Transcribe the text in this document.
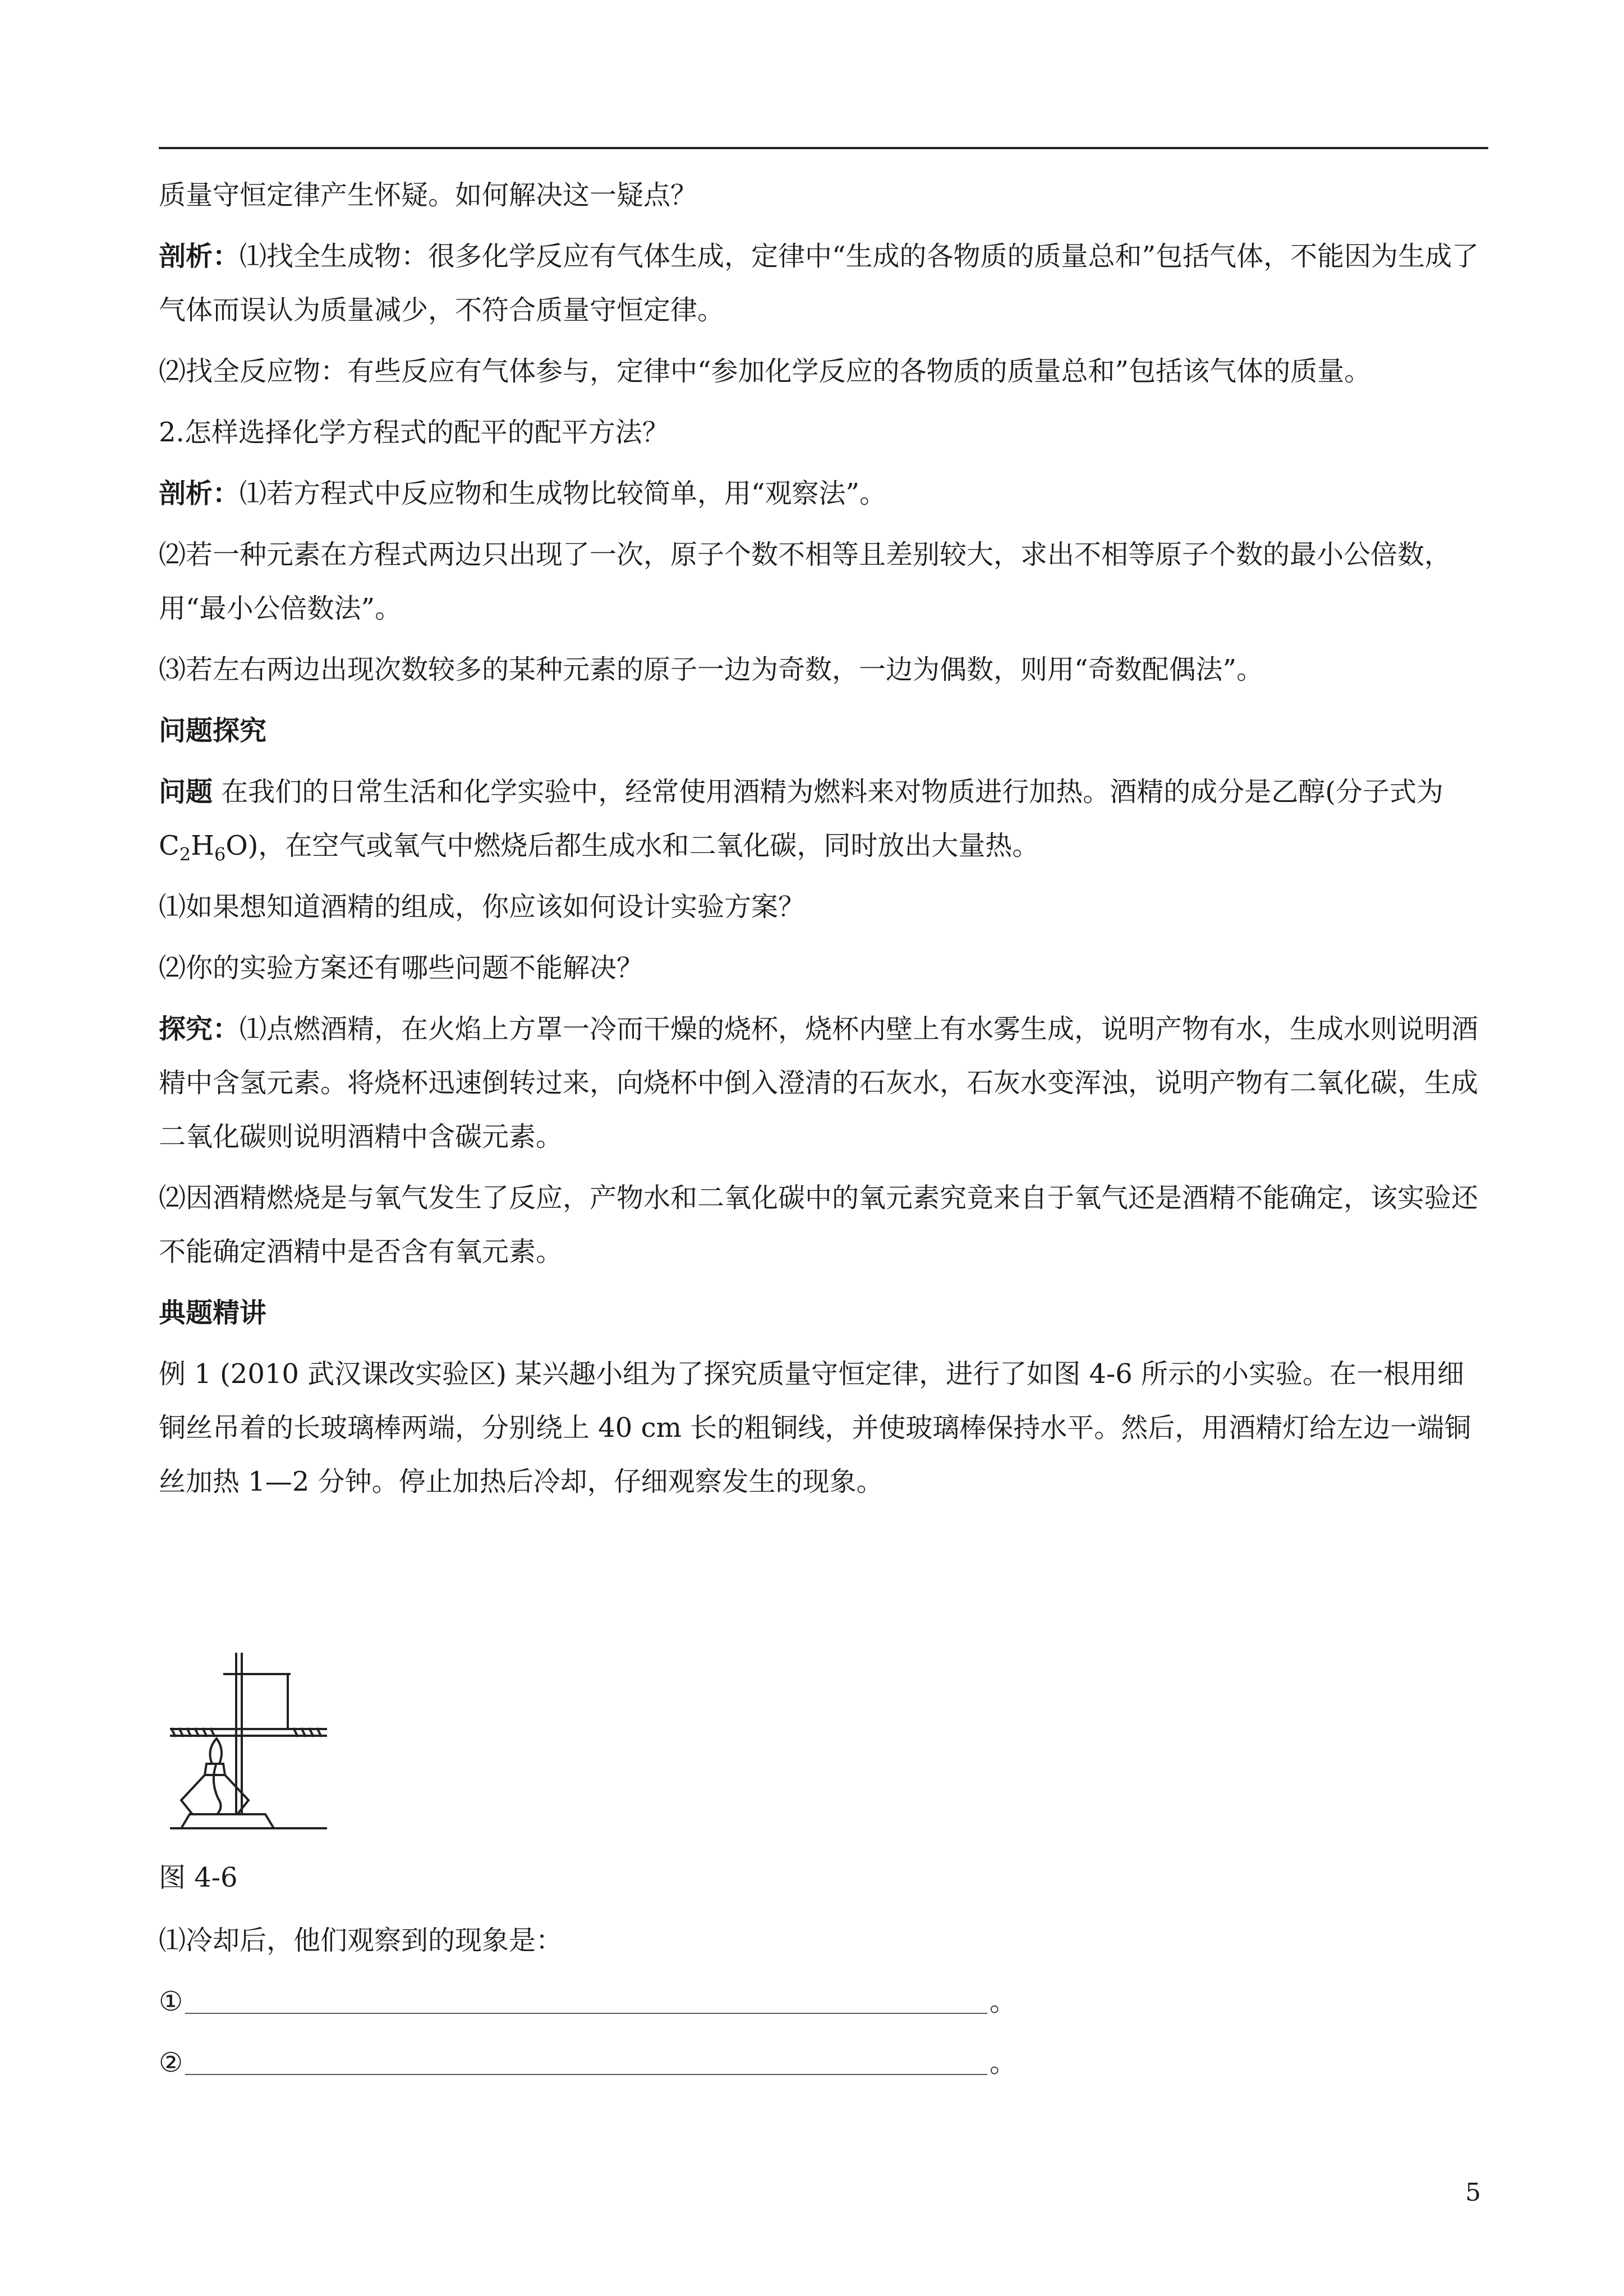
质量守恒定律产生怀疑。如何解决这一疑点？

剖析：⑴找全生成物：很多化学反应有气体生成，定律中“生成的各物质的质量总和”包括气体，不能因为生成了气体而误认为质量减少，不符合质量守恒定律。

⑵找全反应物：有些反应有气体参与，定律中“参加化学反应的各物质的质量总和”包括该气体的质量。

2.怎样选择化学方程式的配平的配平方法？

剖析：⑴若方程式中反应物和生成物比较简单，用“观察法”。

⑵若一种元素在方程式两边只出现了一次，原子个数不相等且差别较大，求出不相等原子个数的最小公倍数，用“最小公倍数法”。

⑶若左右两边出现次数较多的某种元素的原子一边为奇数，一边为偶数，则用“奇数配偶法”。

问题探究

问题 在我们的日常生活和化学实验中，经常使用酒精为燃料来对物质进行加热。酒精的成分是乙醇(分子式为 $C_2H_6O$)，在空气或氧气中燃烧后都生成水和二氧化碳，同时放出大量热。

⑴如果想知道酒精的组成，你应该如何设计实验方案？

⑵你的实验方案还有哪些问题不能解决？

探究：⑴点燃酒精，在火焰上方罩一冷而干燥的烧杯，烧杯内壁上有水雾生成，说明产物有水，生成水则说明酒精中含氢元素。将烧杯迅速倒转过来，向烧杯中倒入澄清的石灰水，石灰水变浑浊，说明产物有二氧化碳，生成二氧化碳则说明酒精中含碳元素。

⑵因酒精燃烧是与氧气发生了反应，产物水和二氧化碳中的氧元素究竟来自于氧气还是酒精不能确定，该实验还不能确定酒精中是否含有氧元素。

典题精讲

例 1 (2010 武汉课改实验区) 某兴趣小组为了探究质量守恒定律，进行了如图 4-6 所示的小实验。在一根用细铜丝吊着的长玻璃棒两端，分别绕上 40 cm 长的粗铜线，并使玻璃棒保持水平。然后，用酒精灯给左边一端铜丝加热 1—2 分钟。停止加热后冷却，仔细观察发生的现象。

图 4-6

⑴冷却后，他们观察到的现象是：

①	。

②	。

5
